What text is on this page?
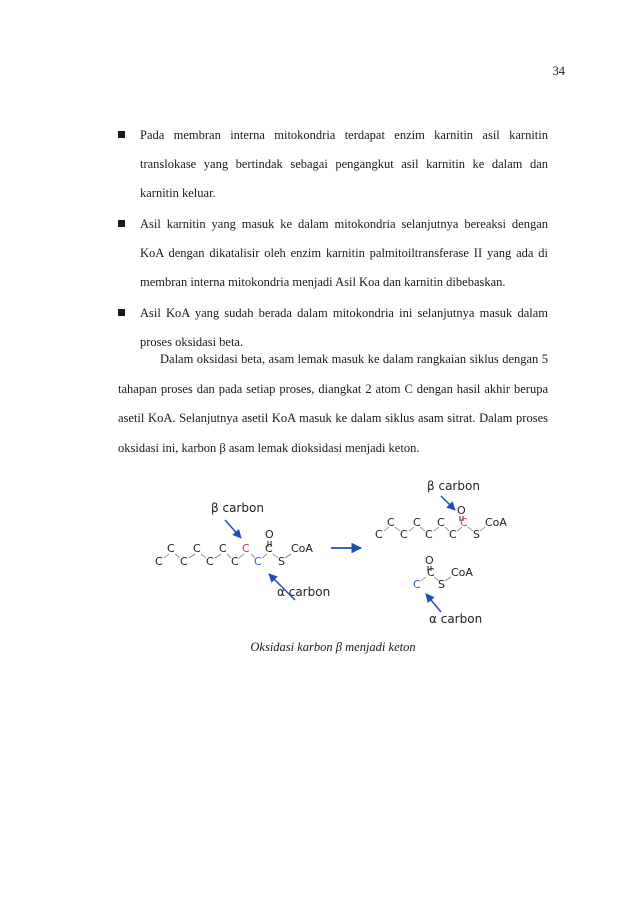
34
Pada membran interna mitokondria terdapat enzim karnitin asil karnitin translokase yang bertindak sebagai pengangkut asil karnitin ke dalam dan karnitin keluar.
Asil karnitin yang masuk ke dalam mitokondria selanjutnya bereaksi dengan KoA dengan dikatalisir oleh enzim karnitin palmitoiltransferase II yang ada di membran interna mitokondria menjadi Asil Koa dan karnitin dibebaskan.
Asil KoA yang sudah berada dalam mitokondria ini selanjutnya masuk dalam proses oksidasi beta.
Dalam oksidasi beta, asam lemak masuk ke dalam rangkaian siklus dengan 5 tahapan proses dan pada setiap proses, diangkat 2 atom C dengan hasil akhir berupa asetil KoA. Selanjutnya asetil KoA masuk ke dalam siklus asam sitrat. Dalam proses oksidasi ini, karbon β asam lemak dioksidasi menjadi keton.
β carbon
O
C C C C C CoA
C C C C C S
α carbon
β carbon
O
C C C C CoA
C C C C S
O
C CoA
C S
α carbon
Oksidasi karbon β menjadi keton
